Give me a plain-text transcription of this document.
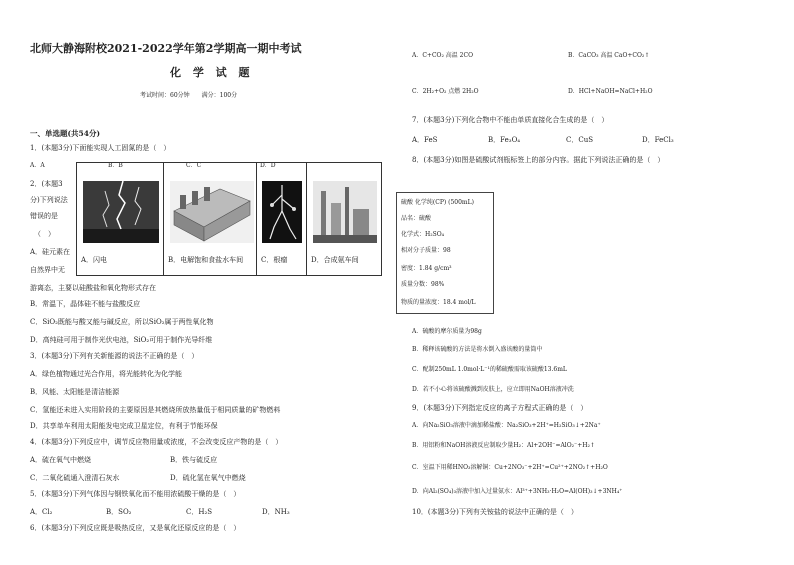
北师大静海附校2021-2022学年第2学期高一期中考试
化 学 试 题
考试时间：60分钟　　满分：100分
一、单选题(共54分)
1．(本题3分)下面能实现人工固氮的是（　）
A．A	B．B	C．C	D．D
2．(本题3
分)下列说法
错误的是
（　）
A．硅元素在
自然界中无
A．闪电	B．电解饱和食盐水车间	C．根瘤	D．合成氨车间
游离态，主要以硅酸盐和氧化物形式存在
B．常温下，晶体硅不能与盐酸反应
C．SiO₂既能与酸又能与碱反应，所以SiO₂属于两性氧化物
D．高纯硅可用于制作光伏电池，SiO₂可用于制作光导纤维
3．(本题3分)下列有关新能源的说法不正确的是（　）
A．绿色植物通过光合作用，将光能转化为化学能
B．风能、太阳能是清洁能源
C．氢能还未进入实用阶段的主要原因是其燃烧所放热量低于相同质量的矿物燃料
D．共享单车利用太阳能发电完成卫星定位，有利于节能环保
4．(本题3分)下列反应中，调节反应物用量或浓度，不会改变反应产物的是（　）
A．硫在氧气中燃烧	B．铁与硫反应
C．二氧化硫通入澄清石灰水	D．硫化氢在氧气中燃烧
5．(本题3分)下列气体因与钢铁氧化而不能用浓硫酸干燥的是（　）
A．Cl₂	B．SO₂	C．H₂S	D．NH₃
6．(本题3分)下列反应既是吸热反应，又是氧化还原反应的是（　）
A．C+CO₂ 高温 2CO	B．CaCO₃ 高温 CaO+CO₂↑
C．2H₂+O₂ 点燃 2H₂O	D．HCl+NaOH=NaCl+H₂O
7．(本题3分)下列化合物中不能由单质直接化合生成的是（　）
A．FeS	B．Fe₃O₄	C．CuS	D．FeCl₃
8．(本题3分)如图是硫酸试剂瓶标签上的部分内容。据此下列说法正确的是（　）
硫酸 化学纯(CP) (500mL)
品名：硫酸
化学式：H₂SO₄
相对分子质量：98
密度：1.84 g/cm³
质量分数：98%
物质的量浓度：18.4 mol/L
A．硫酸的摩尔质量为98g
B．稀释该硫酸的方法是将水倒入盛该酸的量筒中
C．配制250mL 1.0mol·L⁻¹的稀硫酸需取该硫酸13.6mL
D．若不小心将该硫酸溅到皮肤上，应立即用NaOH溶液冲洗
9．(本题3分)下列指定反应的离子方程式正确的是（　）
A．向Na₂SiO₃溶液中滴加稀盐酸：Na₂SiO₃+2H⁺=H₂SiO₃↓+2Na⁺
B．用铝粉和NaOH溶液反应制取少量H₂：Al+2OH⁻=AlO₂⁻+H₂↑
C．室温下用稀HNO₃溶解铜：Cu+2NO₃⁻+2H⁺=Cu²⁺+2NO₂↑+H₂O
D．向Al₂(SO₄)₃溶液中加入过量氨水：Al³⁺+3NH₃·H₂O=Al(OH)₃↓+3NH₄⁺
10．(本题3分)下列有关铵盐的说法中正确的是（　）
